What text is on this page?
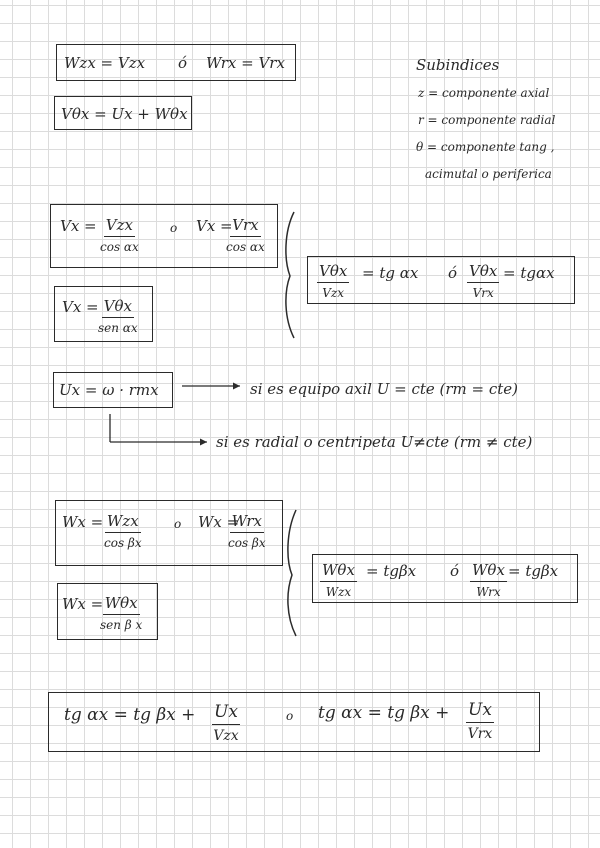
Wzx = Vzx ó Wrx = Vrx
Vθx = Ux + Wθx
Subindices
z = componente axial
r = componente radial
θ = componente tang ,
acimutal o periferica
Vx = Vzx
cos αx
o Vx = Vrx
cos αx
Vx = Vθx
sen αx
Vθx
Vzx
= tg αx ó Vθx
Vrx
= tgαx
Ux = ω · rmx	si es equipo axil U = cte (rm = cte)
si es radial o centripeta U≠cte (rm ≠ cte)
Wx = Wzx
cos βx
o Wx =
Wrx
cos βx
Wx = Wθx
sen β x
Wθx
Wzx
= tgβx ó Wθx
Wrx
= tgβx
tg αx = tg βx + Ux
Vzx
o tg αx = tg βx + Ux
Vrx
